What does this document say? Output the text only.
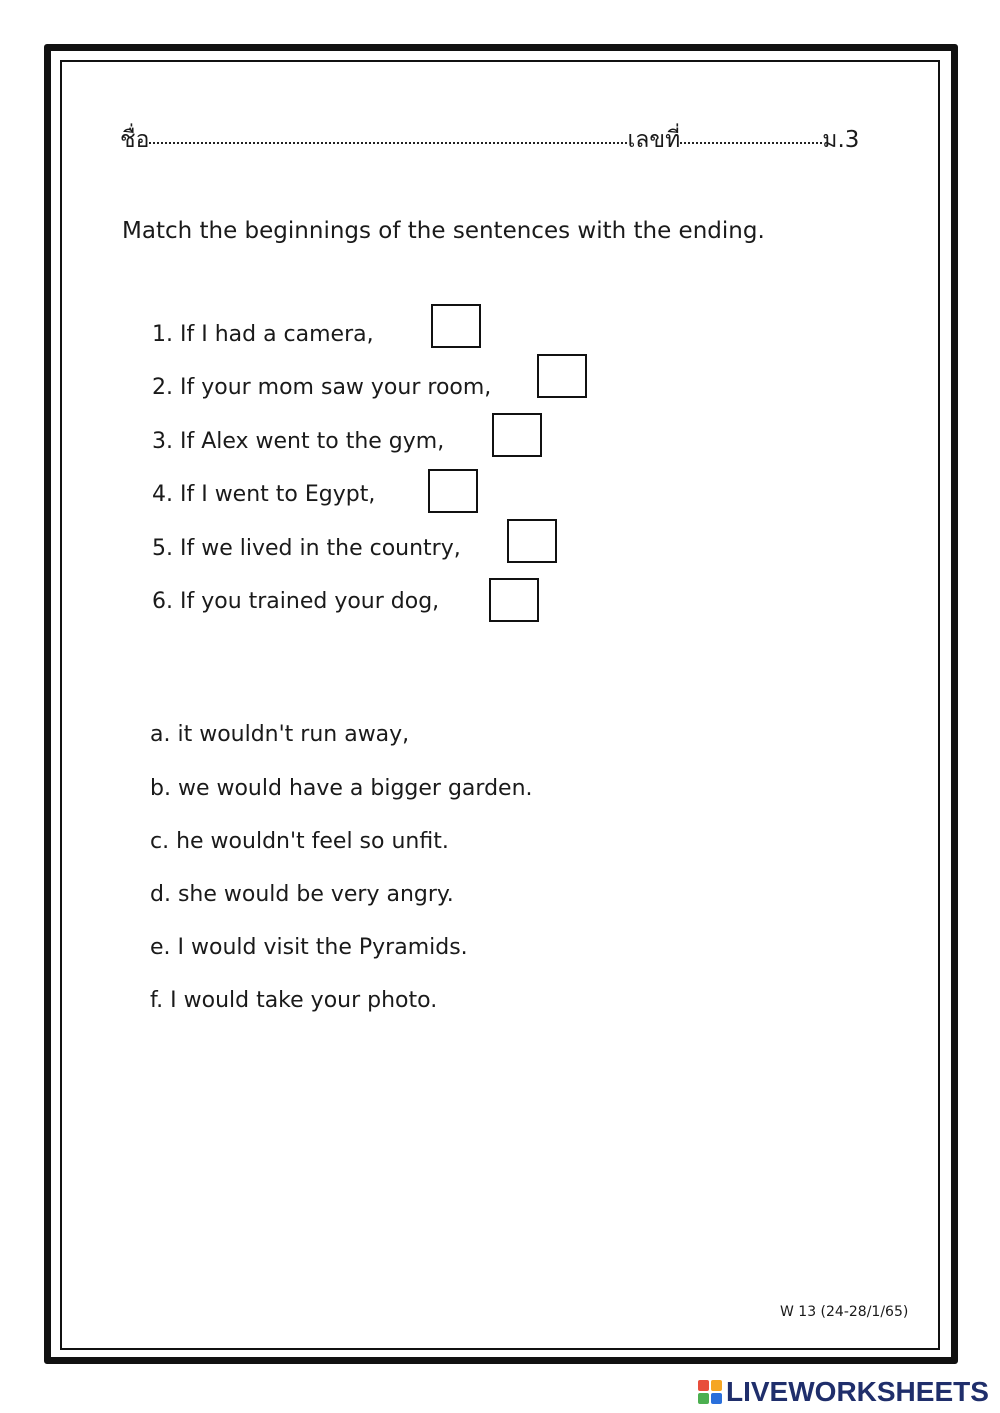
ชื่อ	เลขที่	ม.3
Match the beginnings of the sentences with the ending.
1. If I had a camera,
2. If your mom saw your room,
3. If Alex went to the gym,
4. If I went to Egypt,
5. If we lived in the country,
6. If you trained your dog,
a. it wouldn't run away,
b. we would have a bigger garden.
c. he wouldn't feel so unfit.
d. she would be very angry.
e. I would visit the Pyramids.
f. I would take your photo.
W 13 (24-28/1/65)
LIVEWORKSHEETS
